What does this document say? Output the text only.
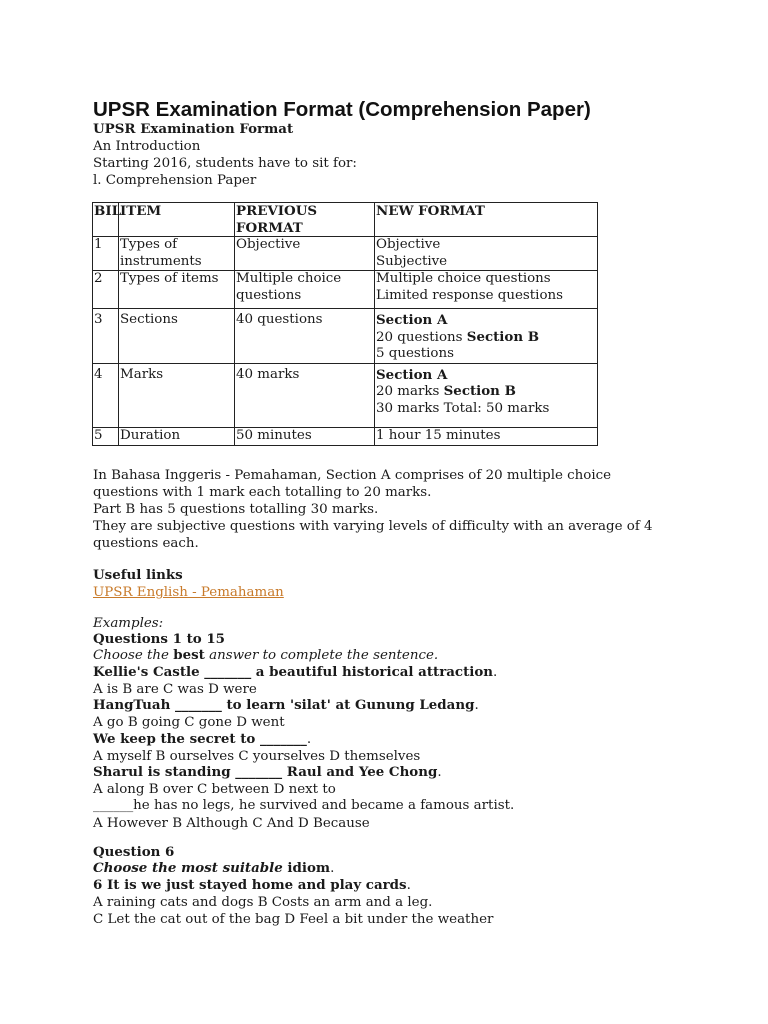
UPSR Examination Format (Comprehension Paper)
UPSR Examination Format
An Introduction
Starting 2016, students have to sit for:
l. Comprehension Paper
BIL	ITEM	PREVIOUS FORMAT	NEW FORMAT
1	Types of instruments	Objective	Objective
Subjective

2	Types of items	Multiple choice questions	Multiple choice questions
Limited response questions

3	Sections	40 questions	Section A
20 questions Section B
5 questions

4	Marks	40 marks	Section A
20 marks Section B
30 marks Total: 50 marks

5	Duration	50 minutes	1 hour 15 minutes
In Bahasa Inggeris - Pemahaman, Section A comprises of 20 multiple choice
questions with 1 mark each totalling to 20 marks.
Part B has 5 questions totalling 30 marks.
They are subjective questions with varying levels of difficulty with an average of 4
questions each.
Useful links
UPSR English - Pemahaman
Examples:
Questions 1 to 15
Choose the best answer to complete the sentence.
Kellie's Castle _______ a beautiful historical attraction.
A is B are C was D were
HangTuah _______ to learn 'silat' at Gunung Ledang.
A go B going C gone D went
We keep the secret to _______.
A myself B ourselves C yourselves D themselves
Sharul is standing _______ Raul and Yee Chong.
A along B over C between D next to
______he has no legs, he survived and became a famous artist.
A However B Although C And D Because
Question 6
Choose the most suitable idiom.
6 It is we just stayed home and play cards.
A raining cats and dogs B Costs an arm and a leg.
C Let the cat out of the bag D Feel a bit under the weather
